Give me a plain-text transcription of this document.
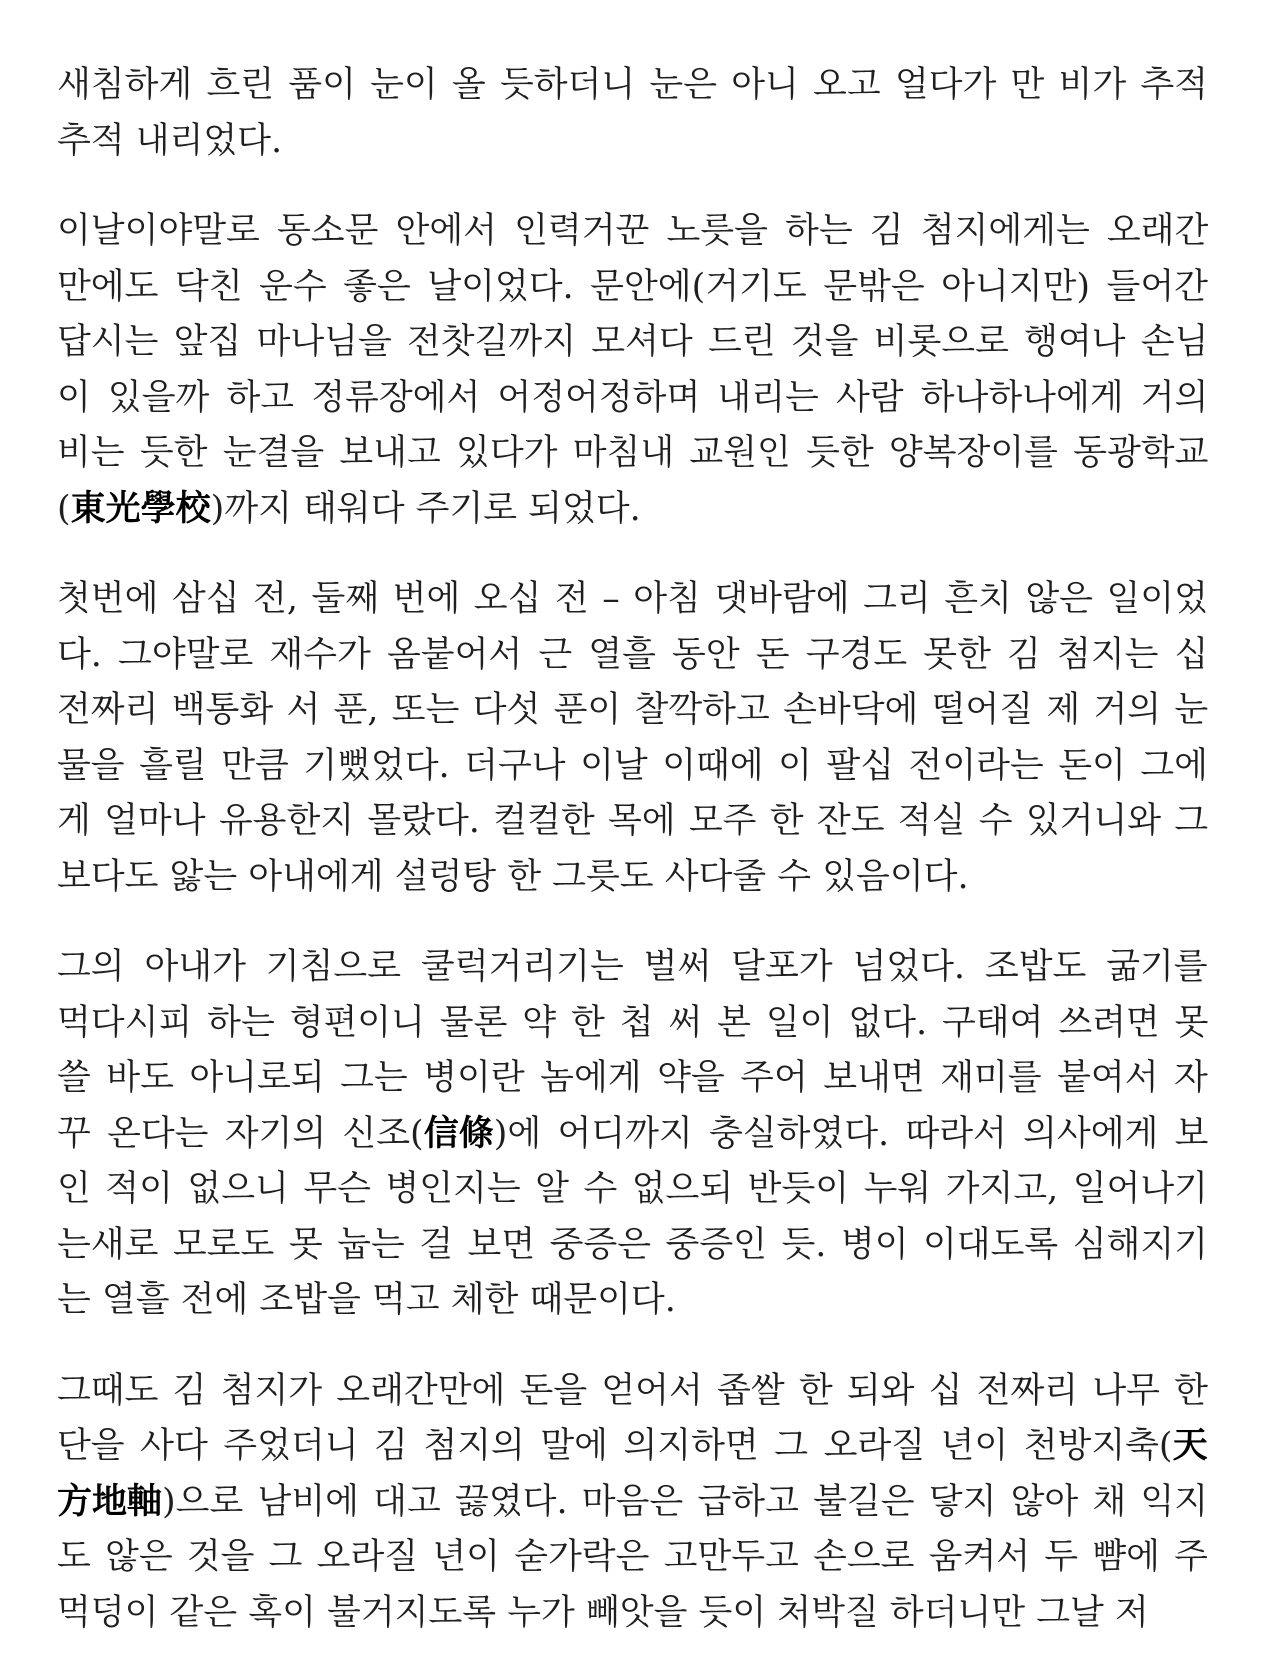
새침하게 흐린 품이 눈이 올 듯하더니 눈은 아니 오고 얼다가 만 비가 추적
추적 내리었다.

이날이야말로 동소문 안에서 인력거꾼 노릇을 하는 김 첨지에게는 오래간
만에도 닥친 운수 좋은 날이었다. 문안에(거기도 문밖은 아니지만) 들어간
답시는 앞집 마나님을 전찻길까지 모셔다 드린 것을 비롯으로 행여나 손님
이 있을까 하고 정류장에서 어정어정하며 내리는 사람 하나하나에게 거의
비는 듯한 눈결을 보내고 있다가 마침내 교원인 듯한 양복장이를 동광학교
(東光學校)까지 태워다 주기로 되었다.

첫번에 삼십 전, 둘째 번에 오십 전 – 아침 댓바람에 그리 흔치 않은 일이었
다. 그야말로 재수가 옴붙어서 근 열흘 동안 돈 구경도 못한 김 첨지는 십
전짜리 백통화 서 푼, 또는 다섯 푼이 찰깍하고 손바닥에 떨어질 제 거의 눈
물을 흘릴 만큼 기뻤었다. 더구나 이날 이때에 이 팔십 전이라는 돈이 그에
게 얼마나 유용한지 몰랐다. 컬컬한 목에 모주 한 잔도 적실 수 있거니와 그
보다도 앓는 아내에게 설렁탕 한 그릇도 사다줄 수 있음이다.

그의 아내가 기침으로 쿨럭거리기는 벌써 달포가 넘었다. 조밥도 굶기를
먹다시피 하는 형편이니 물론 약 한 첩 써 본 일이 없다. 구태여 쓰려면 못
쓸 바도 아니로되 그는 병이란 놈에게 약을 주어 보내면 재미를 붙여서 자
꾸 온다는 자기의 신조(信條)에 어디까지 충실하였다. 따라서 의사에게 보
인 적이 없으니 무슨 병인지는 알 수 없으되 반듯이 누워 가지고, 일어나기
는새로 모로도 못 눕는 걸 보면 중증은 중증인 듯. 병이 이대도록 심해지기
는 열흘 전에 조밥을 먹고 체한 때문이다.

그때도 김 첨지가 오래간만에 돈을 얻어서 좁쌀 한 되와 십 전짜리 나무 한
단을 사다 주었더니 김 첨지의 말에 의지하면 그 오라질 년이 천방지축(天
方地軸)으로 남비에 대고 끓였다. 마음은 급하고 불길은 닿지 않아 채 익지
도 않은 것을 그 오라질 년이 숟가락은 고만두고 손으로 움켜서 두 뺨에 주
먹덩이 같은 혹이 불거지도록 누가 빼앗을 듯이 처박질 하더니만 그날 저
